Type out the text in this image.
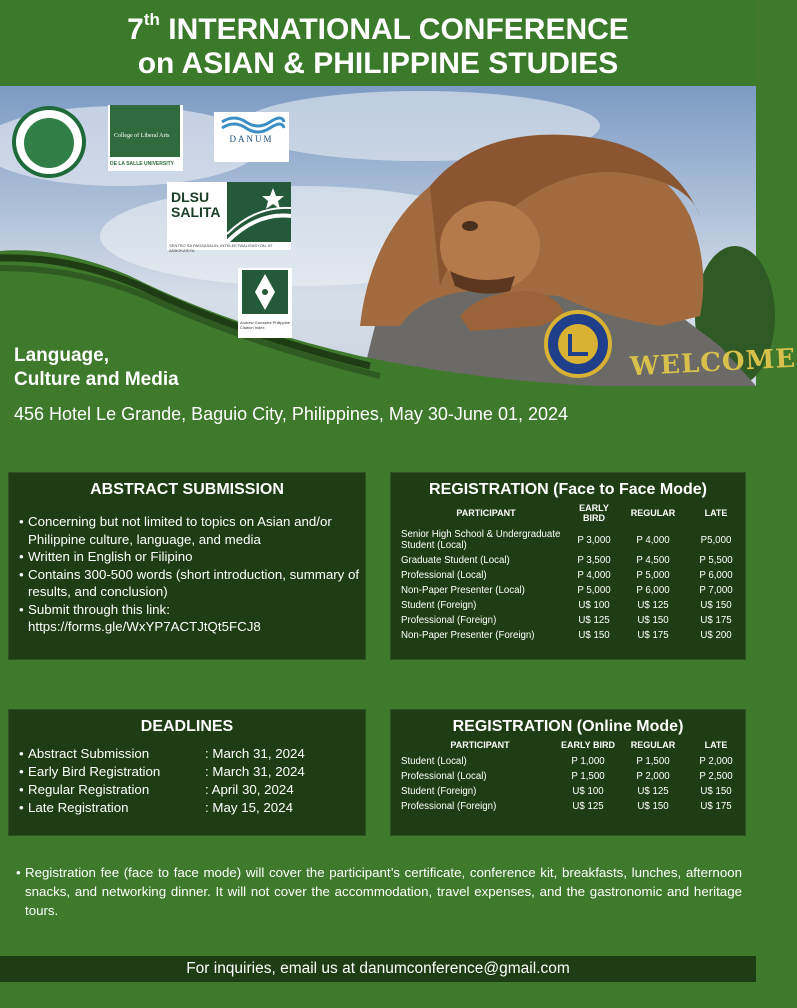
7th INTERNATIONAL CONFERENCE
on ASIAN & PHILIPPINE STUDIES
WELCOME
College of Liberal Arts
DE LA SALLE UNIVERSITY
DANUM
DLSU SALITA
SENTRO SA PAGSASALIN, INTELEKTWALISASYON, AT ADBOKASIYA
Andrew Gonzalez Philippine Citation Index
Language,
Culture and Media
456 Hotel Le Grande, Baguio City, Philippines, May 30-June 01, 2024
ABSTRACT SUBMISSION
• Concerning but not limited to topics on Asian and/or Philippine culture, language, and media
• Written in English or Filipino
• Contains 300-500 words (short introduction, summary of results, and conclusion)
• Submit through this link: https://forms.gle/WxYP7ACTJtQt5FCJ8
REGISTRATION (Face to Face Mode)
PARTICIPANT	EARLY BIRD	REGULAR	LATE
Senior High School & Undergraduate Student (Local)	P 3,000	P 4,000	P5,000
Graduate Student (Local)	P 3,500	P 4,500	P 5,500
Professional (Local)	P 4,000	P 5,000	P 6,000
Non-Paper Presenter (Local)	P 5,000	P 6,000	P 7,000
Student (Foreign)	U$ 100	U$ 125	U$ 150
Professional (Foreign)	U$ 125	U$ 150	U$ 175
Non-Paper Presenter (Foreign)	U$ 150	U$ 175	U$ 200
DEADLINES
• Abstract Submission	: March 31, 2024
• Early Bird Registration	: March 31, 2024
• Regular Registration	: April 30, 2024
• Late Registration	: May 15, 2024
REGISTRATION (Online Mode)
PARTICIPANT	EARLY BIRD	REGULAR	LATE
Student (Local)	P 1,000	P 1,500	P 2,000
Professional (Local)	P 1,500	P 2,000	P 2,500
Student (Foreign)	U$ 100	U$ 125	U$ 150
Professional (Foreign)	U$ 125	U$ 150	U$ 175
• Registration fee (face to face mode) will cover the participant’s certificate, conference kit, breakfasts, lunches, afternoon snacks, and networking dinner. It will not cover the accommodation, travel expenses, and the gastronomic and heritage tours.
For inquiries, email us at danumconference@gmail.com
